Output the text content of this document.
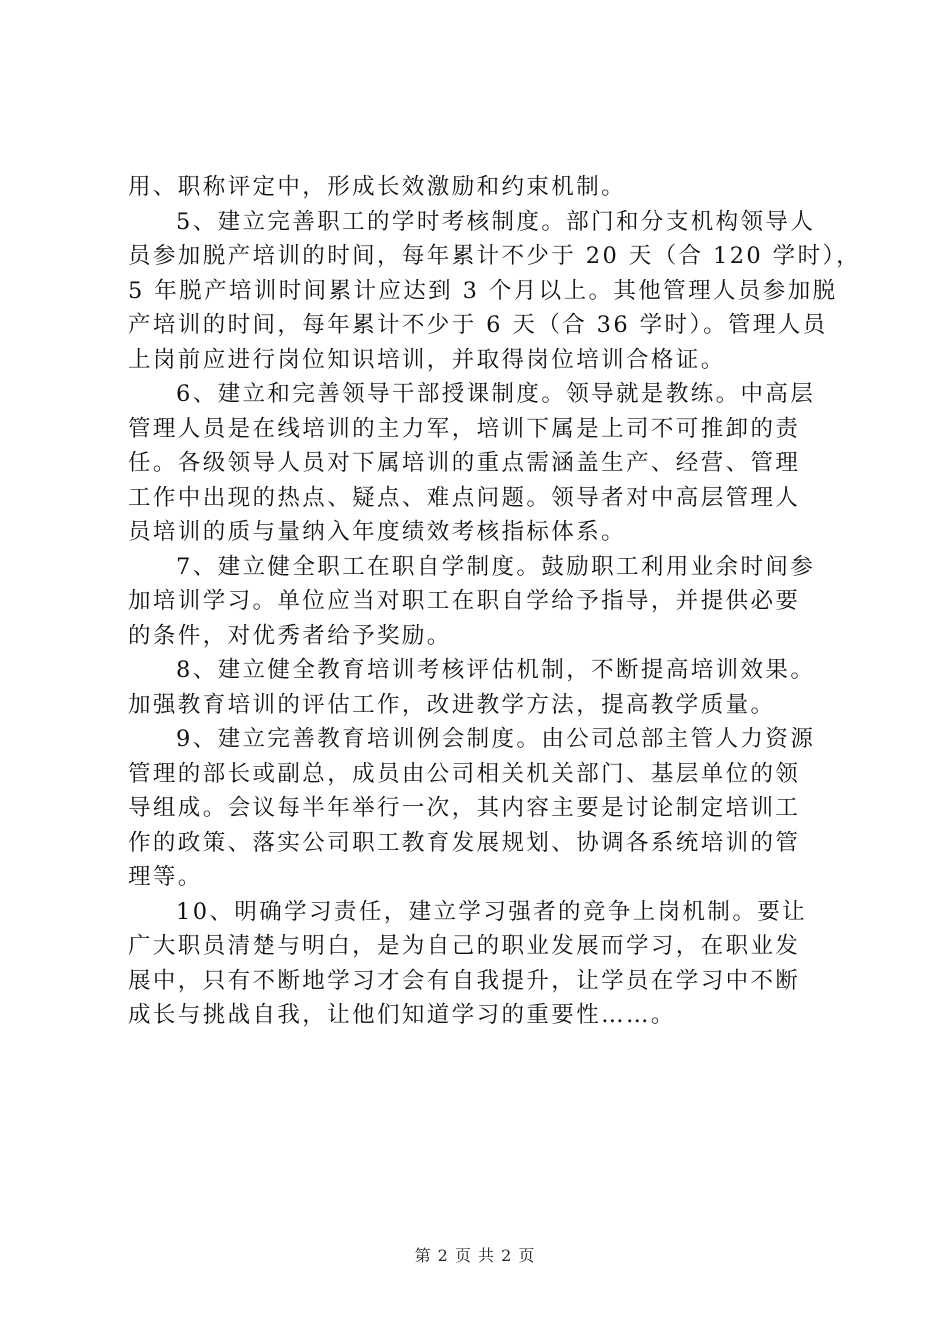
用、职称评定中，形成长效激励和约束机制。
5、建立完善职工的学时考核制度。部门和分支机构领导人
员参加脱产培训的时间，每年累计不少于 20 天（合 120 学时），
5 年脱产培训时间累计应达到 3 个月以上。其他管理人员参加脱
产培训的时间，每年累计不少于 6 天（合 36 学时）。管理人员
上岗前应进行岗位知识培训，并取得岗位培训合格证。
6、建立和完善领导干部授课制度。领导就是教练。中高层
管理人员是在线培训的主力军，培训下属是上司不可推卸的责
任。各级领导人员对下属培训的重点需涵盖生产、经营、管理
工作中出现的热点、疑点、难点问题。领导者对中高层管理人
员培训的质与量纳入年度绩效考核指标体系。
7、建立健全职工在职自学制度。鼓励职工利用业余时间参
加培训学习。单位应当对职工在职自学给予指导，并提供必要
的条件，对优秀者给予奖励。
8、建立健全教育培训考核评估机制，不断提高培训效果。
加强教育培训的评估工作，改进教学方法，提高教学质量。
9、建立完善教育培训例会制度。由公司总部主管人力资源
管理的部长或副总，成员由公司相关机关部门、基层单位的领
导组成。会议每半年举行一次，其内容主要是讨论制定培训工
作的政策、落实公司职工教育发展规划、协调各系统培训的管
理等。
10、明确学习责任，建立学习强者的竞争上岗机制。要让
广大职员清楚与明白，是为自己的职业发展而学习，在职业发
展中，只有不断地学习才会有自我提升，让学员在学习中不断
成长与挑战自我，让他们知道学习的重要性……。
第 2 页 共 2 页
